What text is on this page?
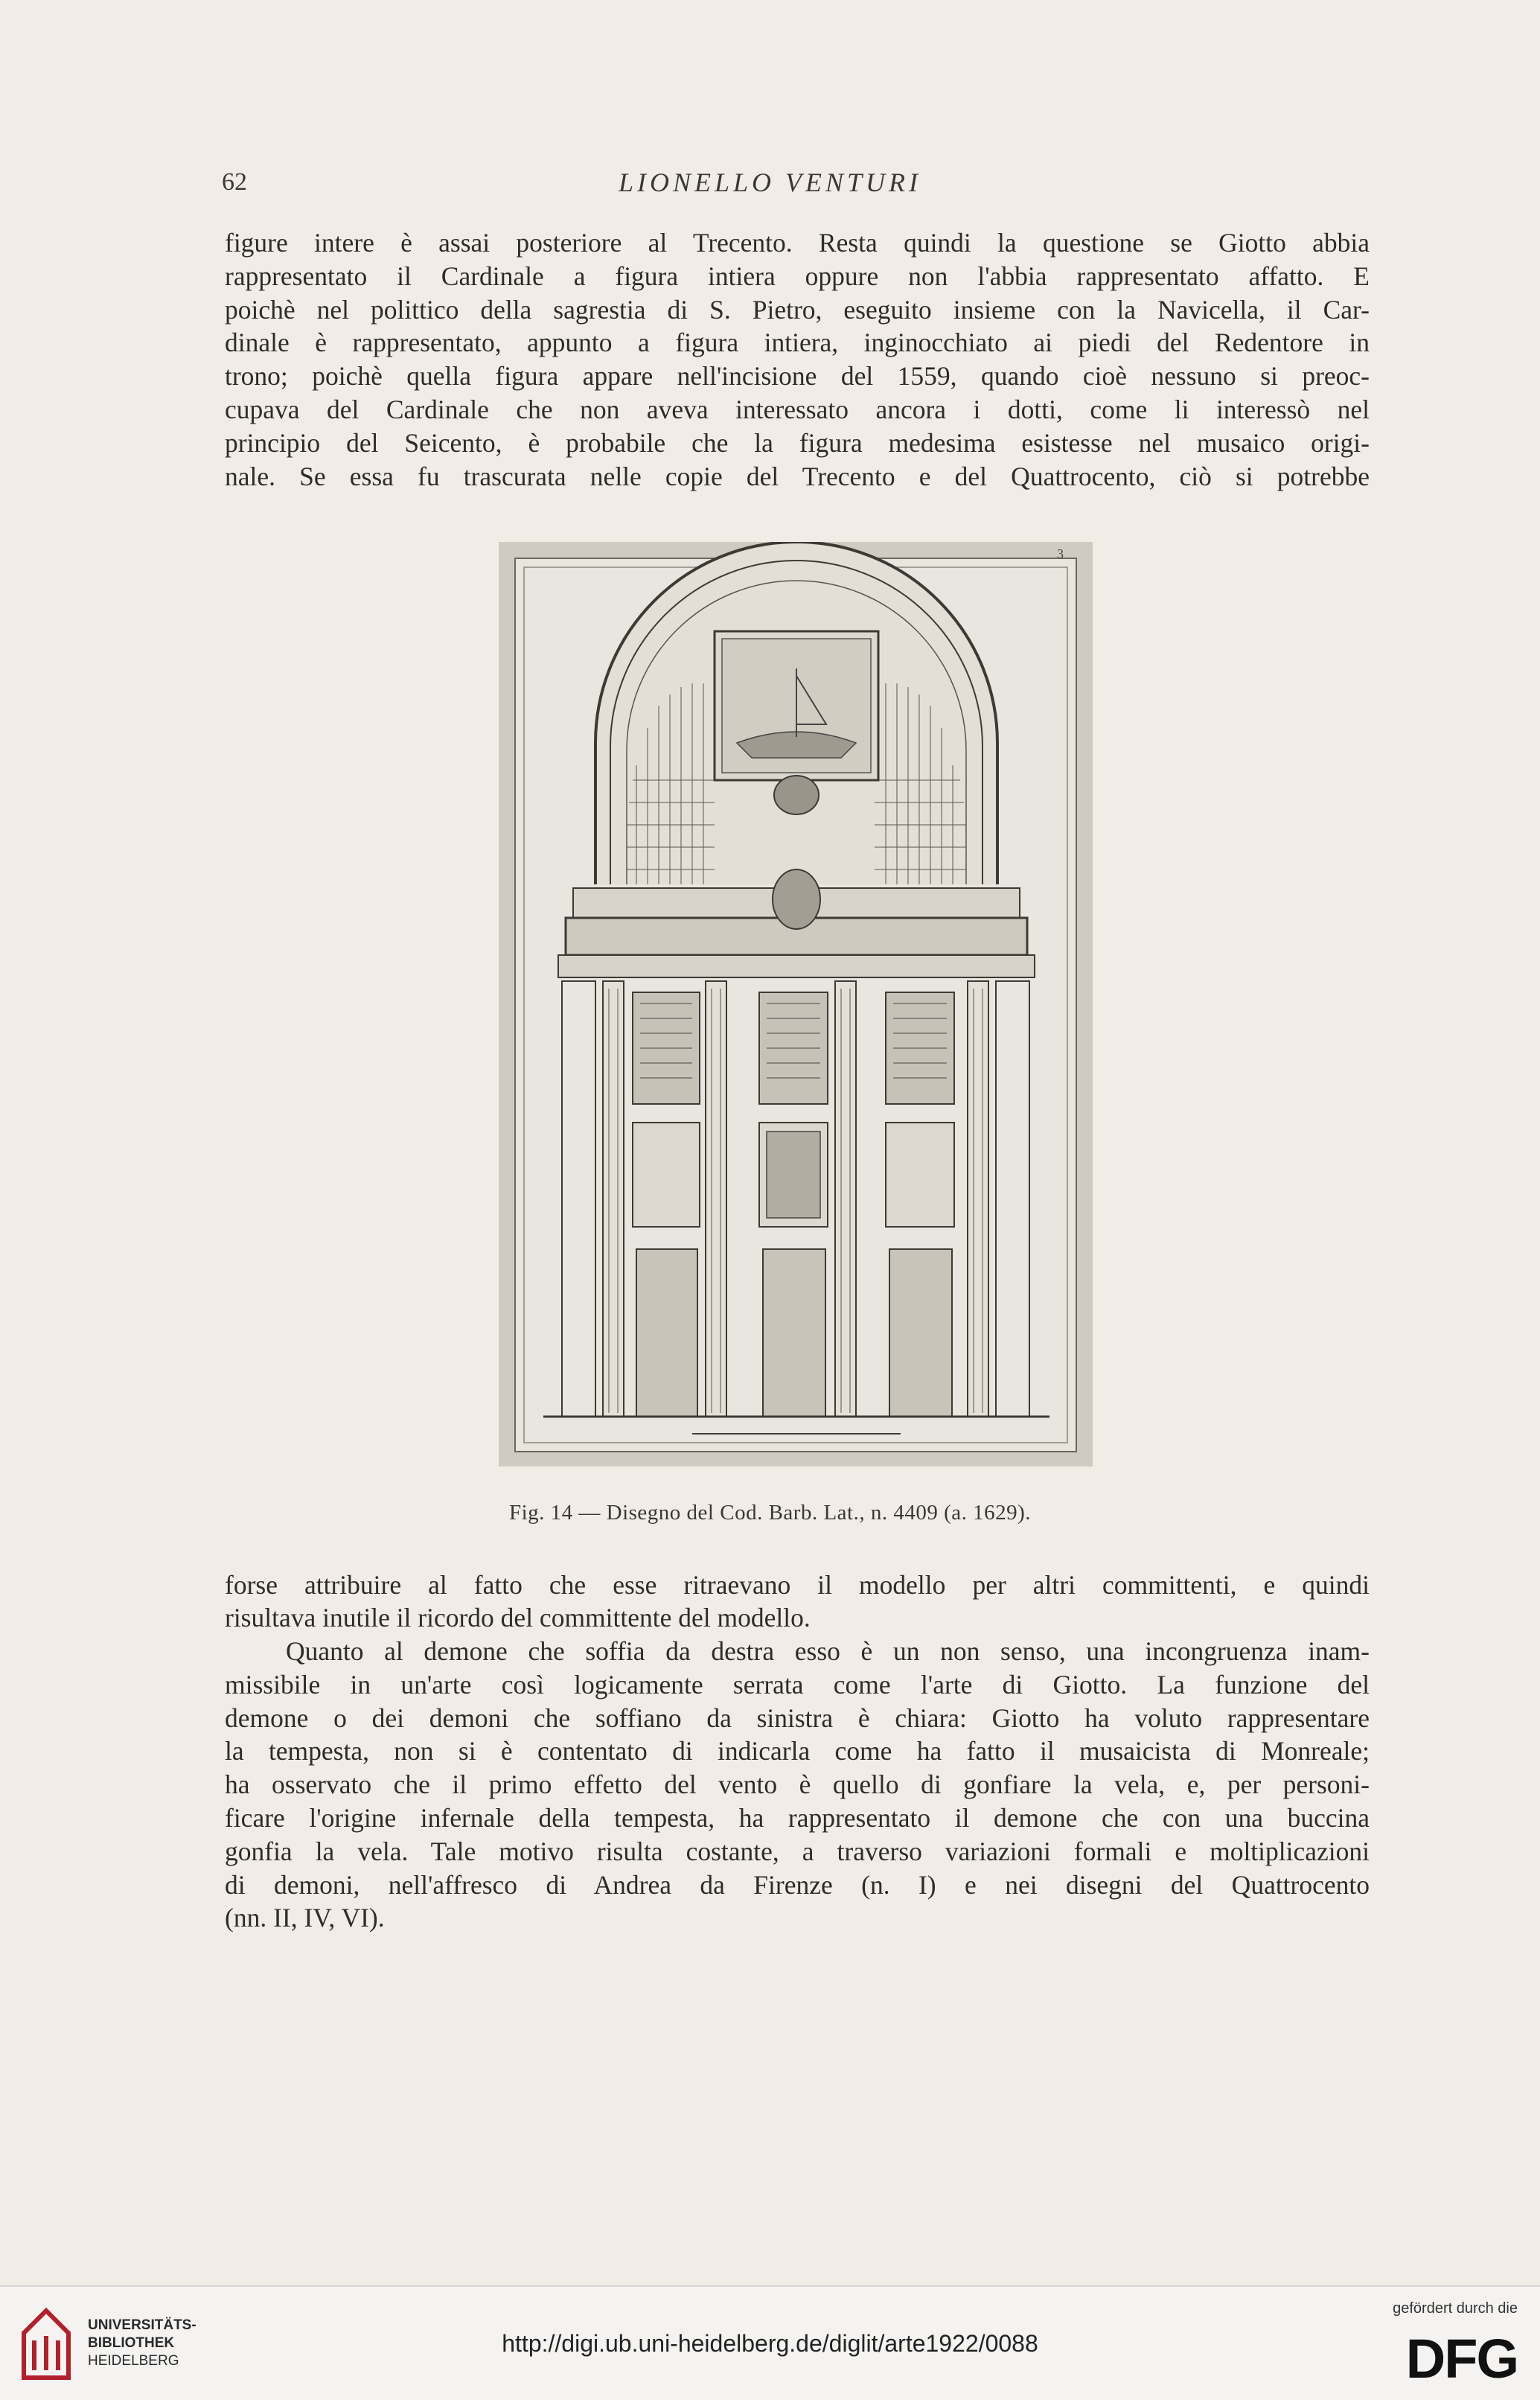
62	LIONELLO VENTURI
figure intere è assai posteriore al Trecento. Resta quindi la questione se Giotto abbia
rappresentato il Cardinale a figura intiera oppure non l'abbia rappresentato affatto. E
poichè nel polittico della sagrestia di S. Pietro, eseguito insieme con la Navicella, il Car-
dinale è rappresentato, appunto a figura intiera, inginocchiato ai piedi del Redentore in
trono; poichè quella figura appare nell'incisione del 1559, quando cioè nessuno si preoc-
cupava del Cardinale che non aveva interessato ancora i dotti, come li interessò nel
principio del Seicento, è probabile che la figura medesima esistesse nel musaico origi-
nale. Se essa fu trascurata nelle copie del Trecento e del Quattrocento, ciò si potrebbe
3
Fig. 14 — Disegno del Cod. Barb. Lat., n. 4409 (a. 1629).
forse attribuire al fatto che esse ritraevano il modello per altri committenti, e quindi
risultava inutile il ricordo del committente del modello.
Quanto al demone che soffia da destra esso è un non senso, una incongruenza inam-
missibile in un'arte così logicamente serrata come l'arte di Giotto. La funzione del
demone o dei demoni che soffiano da sinistra è chiara: Giotto ha voluto rappresentare
la tempesta, non si è contentato di indicarla come ha fatto il musaicista di Monreale;
ha osservato che il primo effetto del vento è quello di gonfiare la vela, e, per personi-
ficare l'origine infernale della tempesta, ha rappresentato il demone che con una buccina
gonfia la vela. Tale motivo risulta costante, a traverso variazioni formali e moltiplicazioni
di demoni, nell'affresco di Andrea da Firenze (n. I) e nei disegni del Quattrocento
(nn. II, IV, VI).
UNIVERSITÄTS-
BIBLIOTHEK
HEIDELBERG
http://digi.ub.uni-heidelberg.de/diglit/arte1922/0088
gefördert durch die
DFG
